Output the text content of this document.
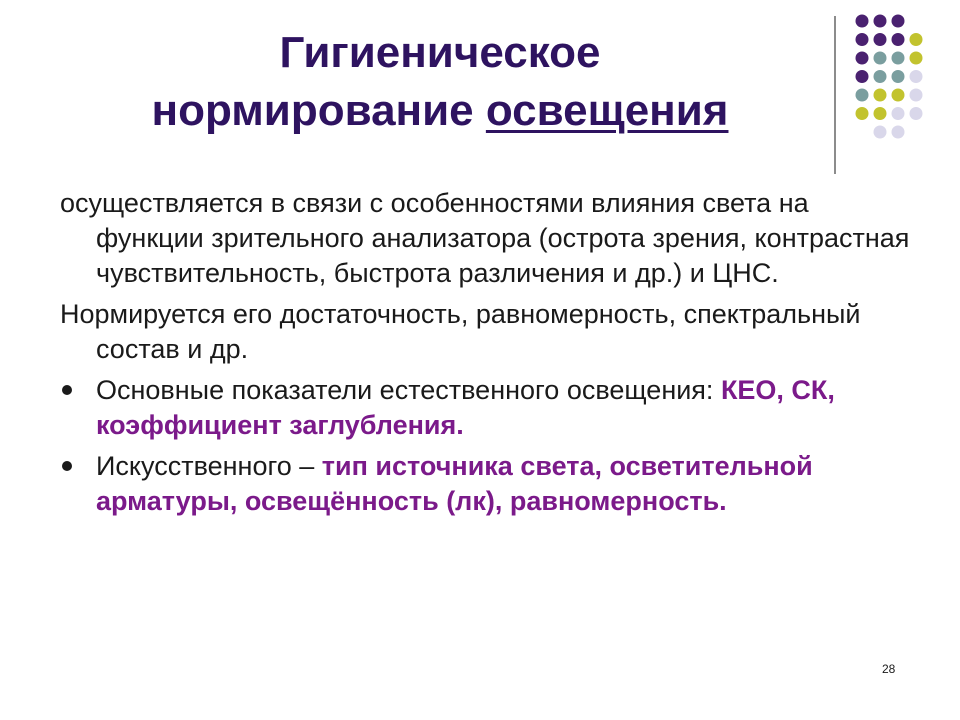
Гигиеническое
нормирование освещения
осуществляется в связи с особенностями влияния света на функции зрительного анализатора (острота зрения, контрастная чувствительность, быстрота различения и др.) и ЦНС.
Нормируется его достаточность, равномерность, спектральный состав и др.
Основные показатели естественного освещения: КЕО, СК, коэффициент заглубления.
Искусственного – тип источника света, осветительной арматуры, освещённость (лк), равномерность.
28
